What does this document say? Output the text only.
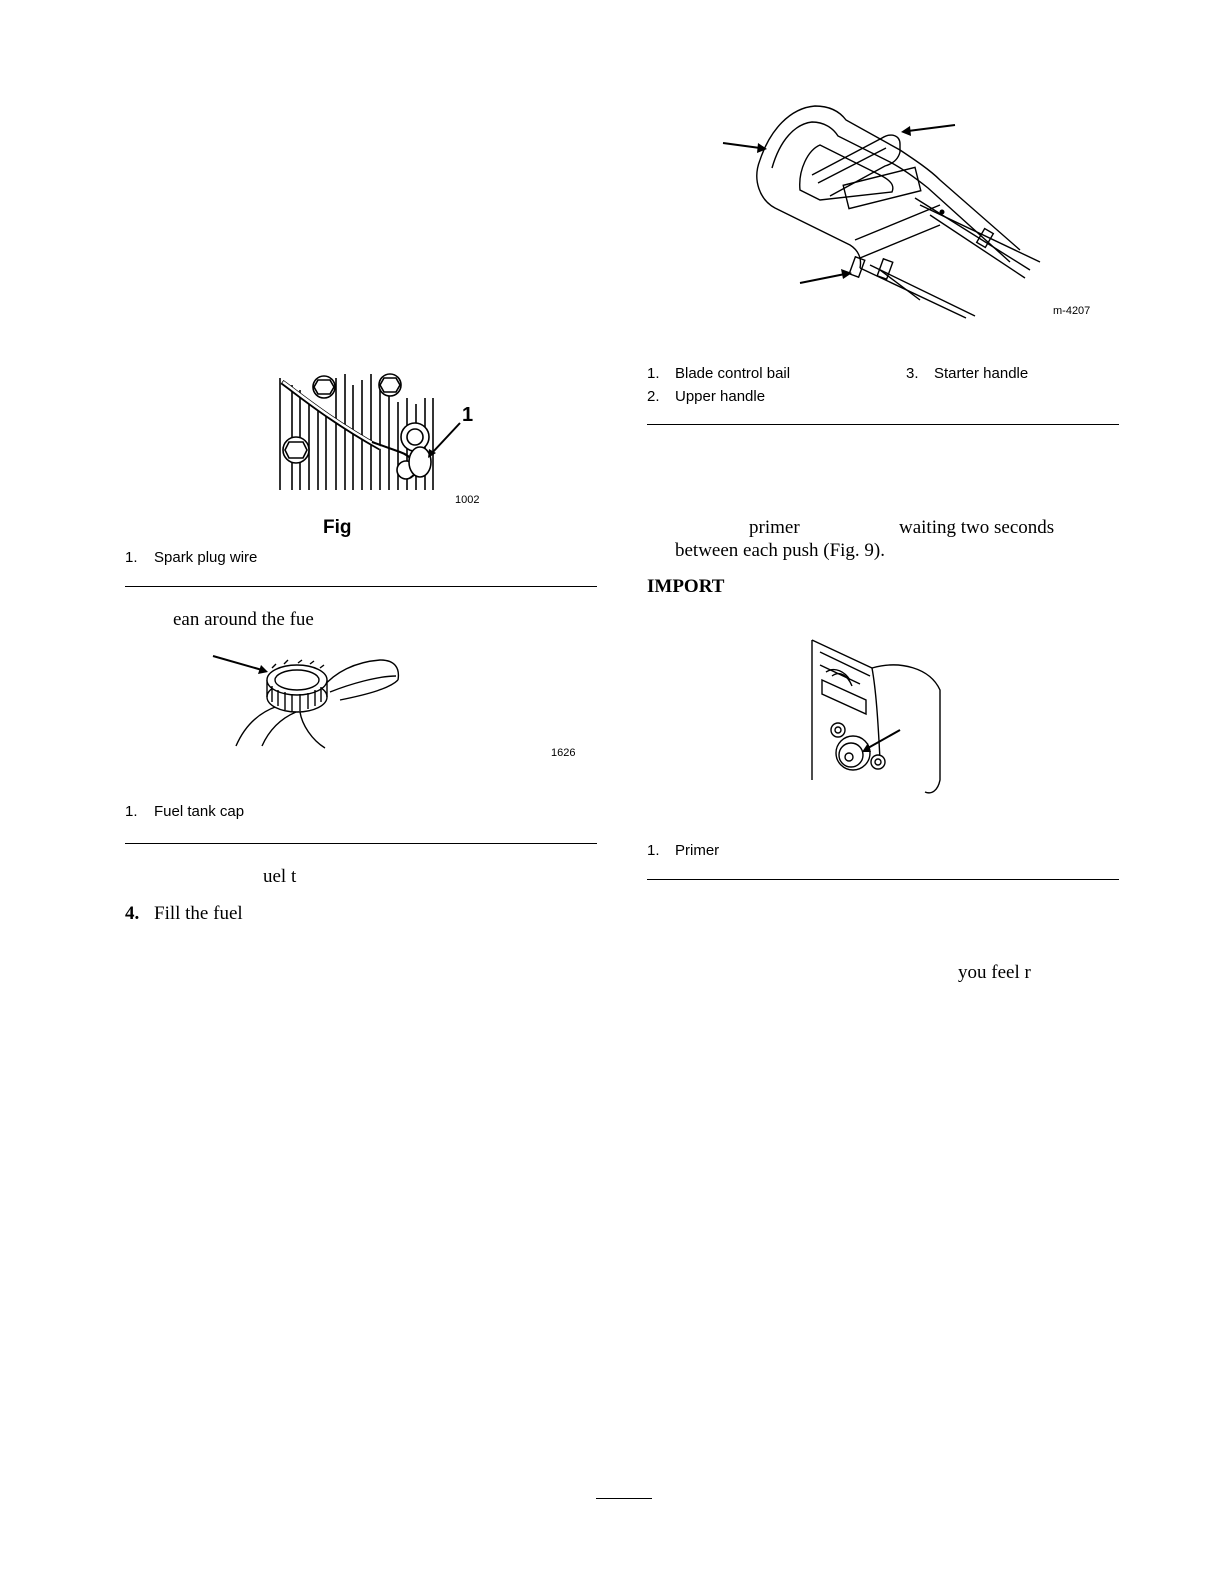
1
1002
Fig
1. Spark plug wire
ean around the fue
1626
1. Fuel tank cap
uel t
4. Fill the fuel
m-4207
1. Blade control bail	3. Starter handle
2. Upper handle
primer	waiting two seconds
between each push (Fig. 9).
IMPORT
1. Primer
you feel r
